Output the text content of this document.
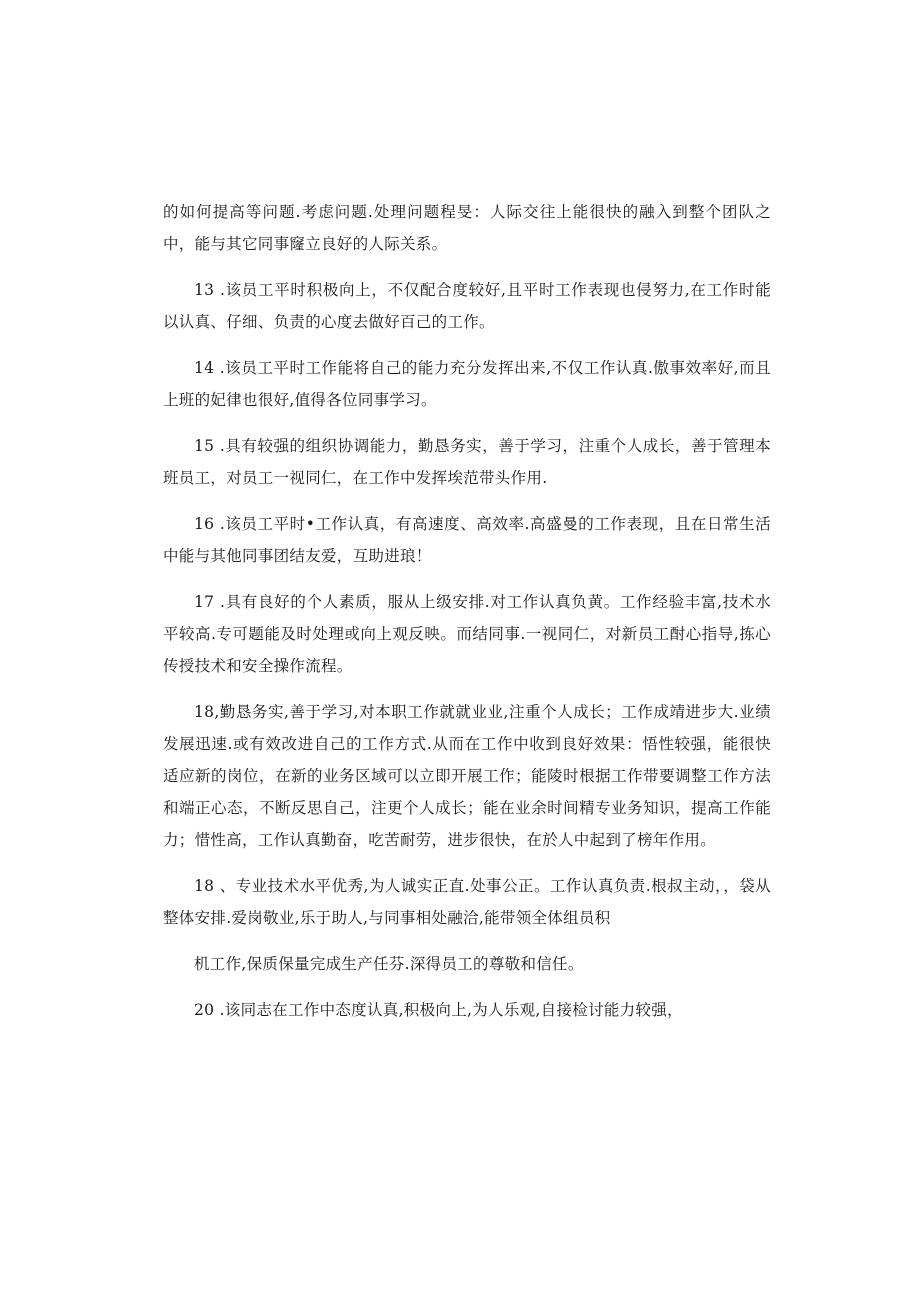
的如何提高等问题.考虑问题.处理问题程旻：人际交往上能很快的融入到整个团队之中，能与其它同事窿立良好的人际关系。

13 .该员工平时积极向上，不仅配合度较好,且平时工作表现也侵努力,在工作时能以认真、仔细、负责的心度去做好百己的工作。

14 .该员工平时工作能将自己的能力充分发挥出来,不仅工作认真.傲事效率好,而且上班的妃律也很好,值得各位同事学习。

15 .具有较强的组织协调能力，勤恳务实，善于学习，注重个人成长，善于管理本班员工，对员工一视同仁，在工作中发挥埃范带头作用.

16 .该员工平时•工作认真，有高速度、高效率.高盛曼的工作表现，且在日常生活中能与其他同事团结友爱，互助进琅！

17 .具有良好的个人素质，服从上级安排.对工作认真负黄。工作经验丰富,技术水平较高.专可题能及时处理或向上观反映。而结同事.一视同仁，对新员工酎心指导,拣心传授技术和安全操作流程。

18,勤恳务实,善于学习,对本职工作就就业业,注重个人成长；工作成靖进步大.业绩发展迅速.或有效改进自己的工作方式.从而在工作中收到良好效果：悟性较强，能很快适应新的岗位，在新的业务区域可以立即开展工作；能陵时根据工作带要调整工作方法和端正心态，不断反思自己，注更个人成长；能在业余时间精专业务知识，提高工作能力；惜性高，工作认真勤奋，吃苦耐劳，进步很快，在於人中起到了榜年作用。

18 、专业技术水平优秀,为人诚实正直.处事公正。工作认真负责.根叔主动，，袋从整体安排.爱岗敬业,乐于助人,与同事相处融洽,能带领全体组员积

机工作,保质保量完成生产任芬.深得员工的尊敬和信任。

20 .该同志在工作中态度认真,积极向上,为人乐观,自接检讨能力较强，
